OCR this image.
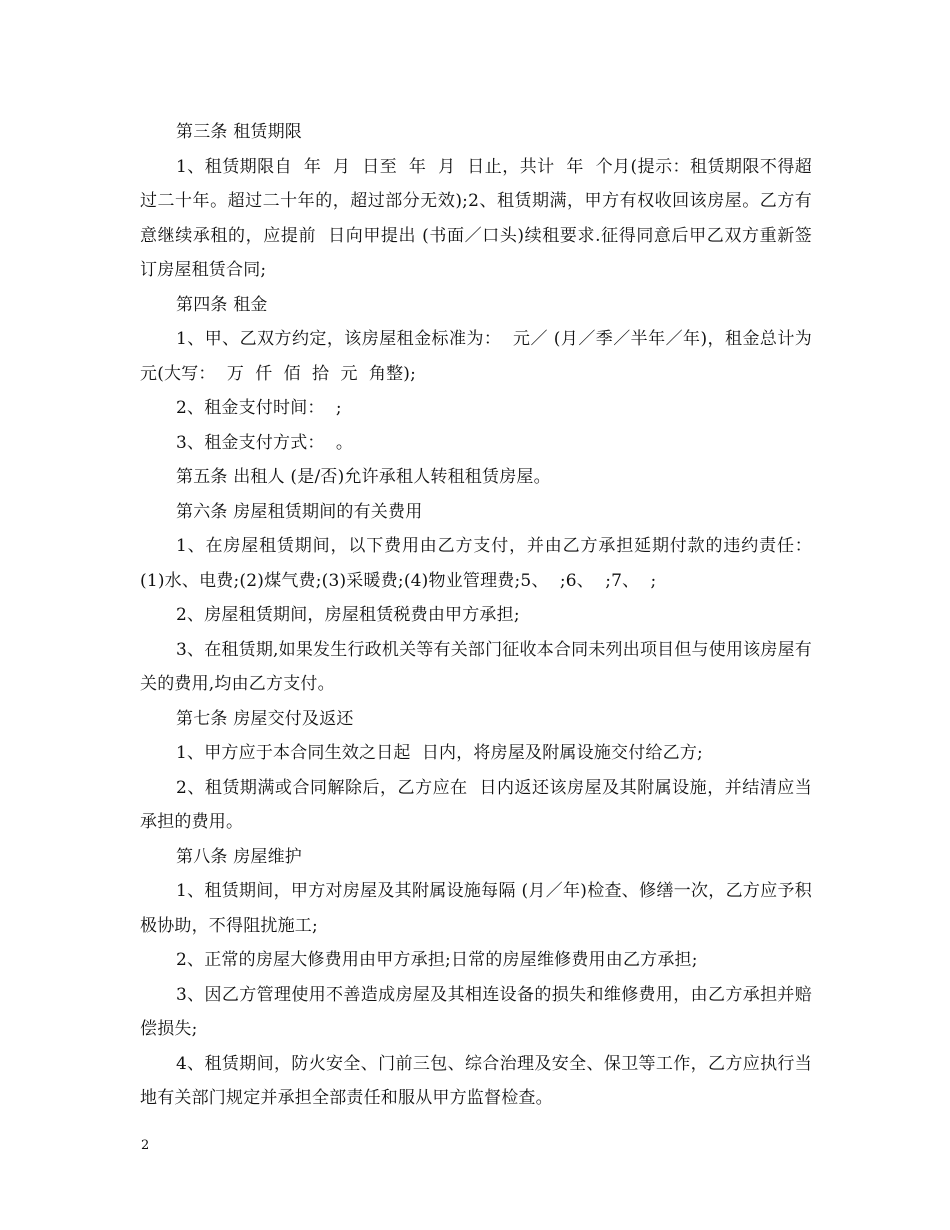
第三条 租赁期限

1、租赁期限自  年  月  日至  年  月  日止，共计  年  个月(提示：租赁期限不得超过二十年。超过二十年的，超过部分无效);2、租赁期满，甲方有权收回该房屋。乙方有意继续承租的，应提前  日向甲提出 (书面／口头)续租要求.征得同意后甲乙双方重新签订房屋租赁合同;

第四条 租金

1、甲、乙双方约定，该房屋租金标准为：  元／ (月／季／半年／年)，租金总计为 元(大写：  万  仟  佰  拾  元  角整);

2、租金支付时间：  ;

3、租金支付方式：  。

第五条 出租人 (是/否)允许承租人转租租赁房屋。

第六条 房屋租赁期间的有关费用

1、在房屋租赁期间，以下费用由乙方支付，并由乙方承担延期付款的违约责任：(1)水、电费;(2)煤气费;(3)采暖费;(4)物业管理费;5、  ;6、  ;7、  ;

2、房屋租赁期间，房屋租赁税费由甲方承担;

3、在租赁期,如果发生行政机关等有关部门征收本合同未列出项目但与使用该房屋有关的费用,均由乙方支付。

第七条 房屋交付及返还

1、甲方应于本合同生效之日起  日内，将房屋及附属设施交付给乙方;

2、租赁期满或合同解除后，乙方应在  日内返还该房屋及其附属设施，并结清应当承担的费用。

第八条 房屋维护

1、租赁期间，甲方对房屋及其附属设施每隔 (月／年)检查、修缮一次，乙方应予积极协助，不得阻扰施工;

2、正常的房屋大修费用由甲方承担;日常的房屋维修费用由乙方承担;

3、因乙方管理使用不善造成房屋及其相连设备的损失和维修费用，由乙方承担并赔偿损失;

4、租赁期间，防火安全、门前三包、综合治理及安全、保卫等工作，乙方应执行当地有关部门规定并承担全部责任和服从甲方监督检查。

2
